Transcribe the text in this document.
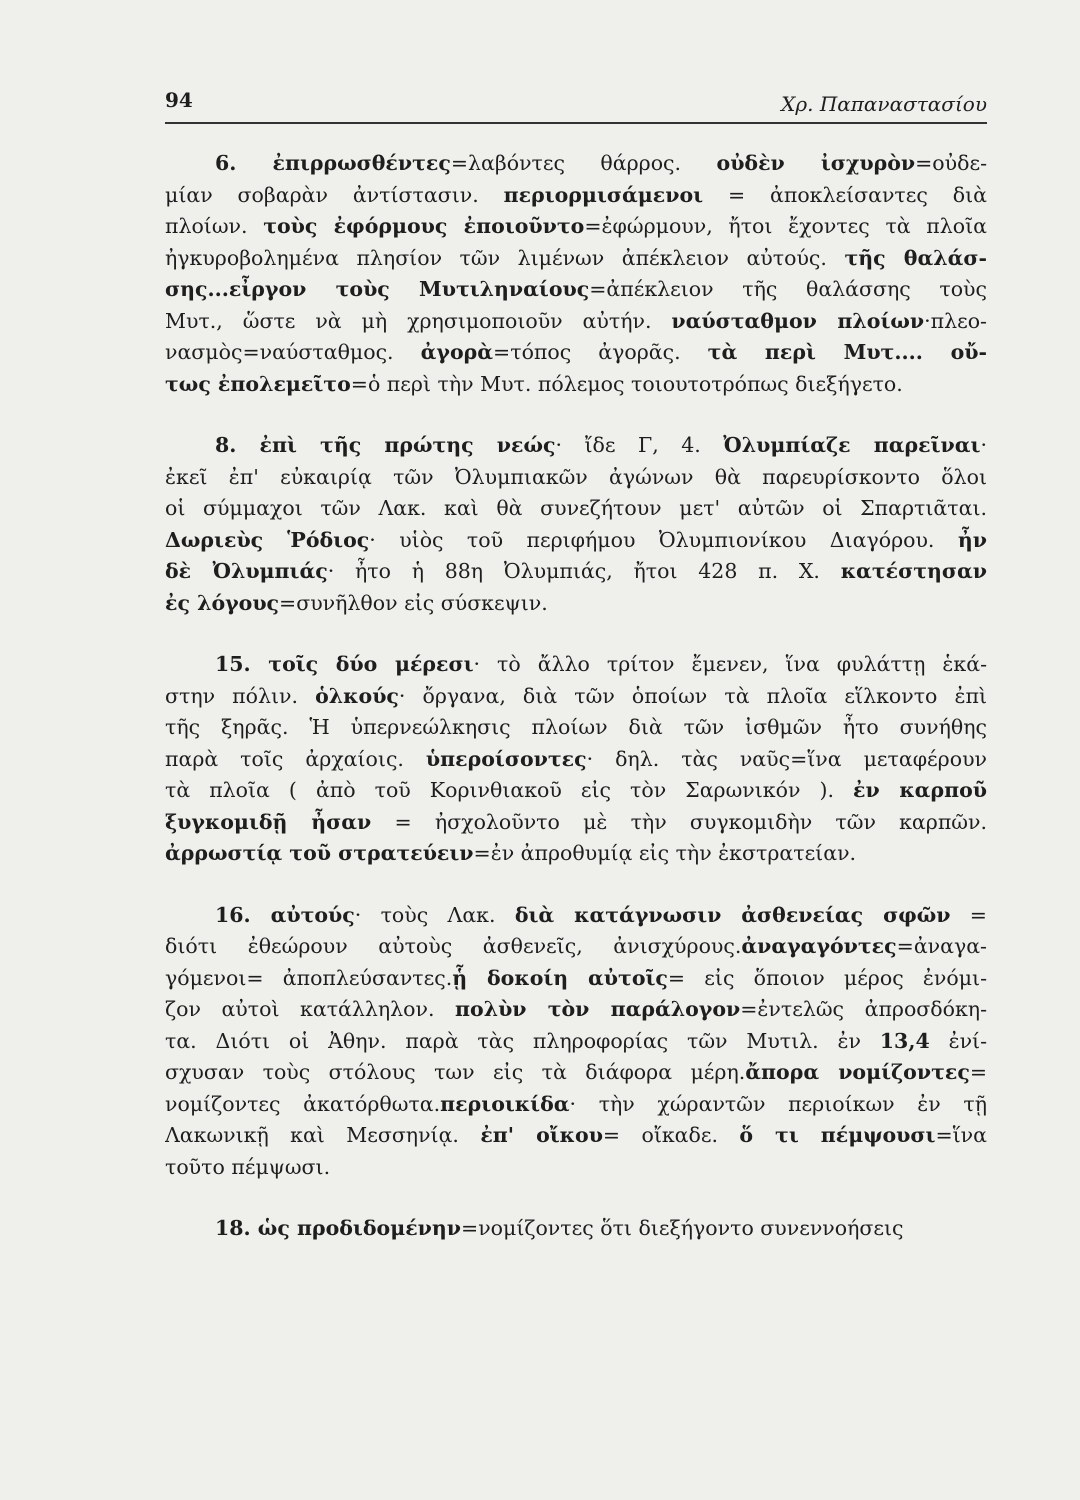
94	Χρ. Παπαναστασίου
6. ἐπιρρωσθέντες=λαβόντες θάρρος. οὐδὲν ἰσχυρὸν=οὐδε-
μίαν σοβαρὰν ἀντίστασιν. περιορμισάμενοι = ἀποκλείσαντες διὰ
πλοίων. τοὺς ἐφόρμους ἐποιοῦντο=ἐφώρμουν, ἤτοι ἔχοντες τὰ πλοῖα
ἠγκυροβολημένα πλησίον τῶν λιμένων ἀπέκλειον αὐτούς. τῆς θαλάσ-
σης...εἶργον τοὺς Μυτιληναίους=ἀπέκλειον τῆς θαλάσσης τοὺς
Μυτ., ὥστε νὰ μὴ χρησιμοποιοῦν αὐτήν. ναύσταθμον πλοίων·πλεο-
νασμὸς=ναύσταθμος. ἀγορὰ=τόπος ἀγορᾶς. τὰ περὶ Μυτ.... οὔ-
τως ἐπολεμεῖτο=ὁ περὶ τὴν Μυτ. πόλεμος τοιουτοτρόπως διεξήγετο.
8. ἐπὶ τῆς πρώτης νεώς· ἴδε Γ, 4. Ὀλυμπίαζε παρεῖναι·
ἐκεῖ ἐπ' εὐκαιρίᾳ τῶν Ὀλυμπιακῶν ἀγώνων θὰ παρευρίσκοντο ὅλοι
οἱ σύμμαχοι τῶν Λακ. καὶ θὰ συνεζήτουν μετ' αὐτῶν οἱ Σπαρτιᾶται.
Δωριεὺς Ῥόδιος· υἱὸς τοῦ περιφήμου Ὀλυμπιονίκου Διαγόρου. ἦν
δὲ Ὀλυμπιάς· ἦτο ἡ 88η Ὀλυμπιάς, ἤτοι 428 π. Χ. κατέστησαν
ἐς λόγους=συνῆλθον εἰς σύσκεψιν.
15. τοῖς δύο μέρεσι· τὸ ἄλλο τρίτον ἔμενεν, ἵνα φυλάττῃ ἑκά-
στην πόλιν. ὁλκούς· ὄργανα, διὰ τῶν ὁποίων τὰ πλοῖα εἵλκοντο ἐπὶ
τῆς ξηρᾶς. Ἡ ὑπερνεώλκησις πλοίων διὰ τῶν ἰσθμῶν ἦτο συνήθης
παρὰ τοῖς ἀρχαίοις. ὑπεροίσοντες· δηλ. τὰς ναῦς=ἵνα μεταφέρουν
τὰ πλοῖα ( ἀπὸ τοῦ Κορινθιακοῦ εἰς τὸν Σαρωνικόν ). ἐν καρποῦ
ξυγκομιδῇ ἦσαν = ἠσχολοῦντο μὲ τὴν συγκομιδὴν τῶν καρπῶν.
ἀρρωστίᾳ τοῦ στρατεύειν=ἐν ἀπροθυμίᾳ εἰς τὴν ἐκστρατείαν.
16. αὐτούς· τοὺς Λακ. διὰ κατάγνωσιν ἀσθενείας σφῶν =
διότι ἐθεώρουν αὐτοὺς ἀσθενεῖς, ἀνισχύρους.ἀναγαγόντες=ἀναγα-
γόμενοι= ἀποπλεύσαντες.ᾗ δοκοίη αὐτοῖς= εἰς ὅποιον μέρος ἐνόμι-
ζον αὐτοὶ κατάλληλον. πολὺν τὸν παράλογον=ἐντελῶς ἀπροσδόκη-
τα. Διότι οἱ Ἀθην. παρὰ τὰς πληροφορίας τῶν Μυτιλ. ἐν 13,4 ἐνί-
σχυσαν τοὺς στόλους των εἰς τὰ διάφορα μέρη.ἄπορα νομίζοντες=
νομίζοντες ἀκατόρθωτα.περιοικίδα· τὴν χώραντῶν περιοίκων ἐν τῇ
Λακωνικῇ καὶ Μεσσηνίᾳ. ἐπ' οἴκου= οἴκαδε. ὅ τι πέμψουσι=ἵνα
τοῦτο πέμψωσι.
18. ὡς προδιδομένην=νομίζοντες ὅτι διεξήγοντο συνεννοήσεις
